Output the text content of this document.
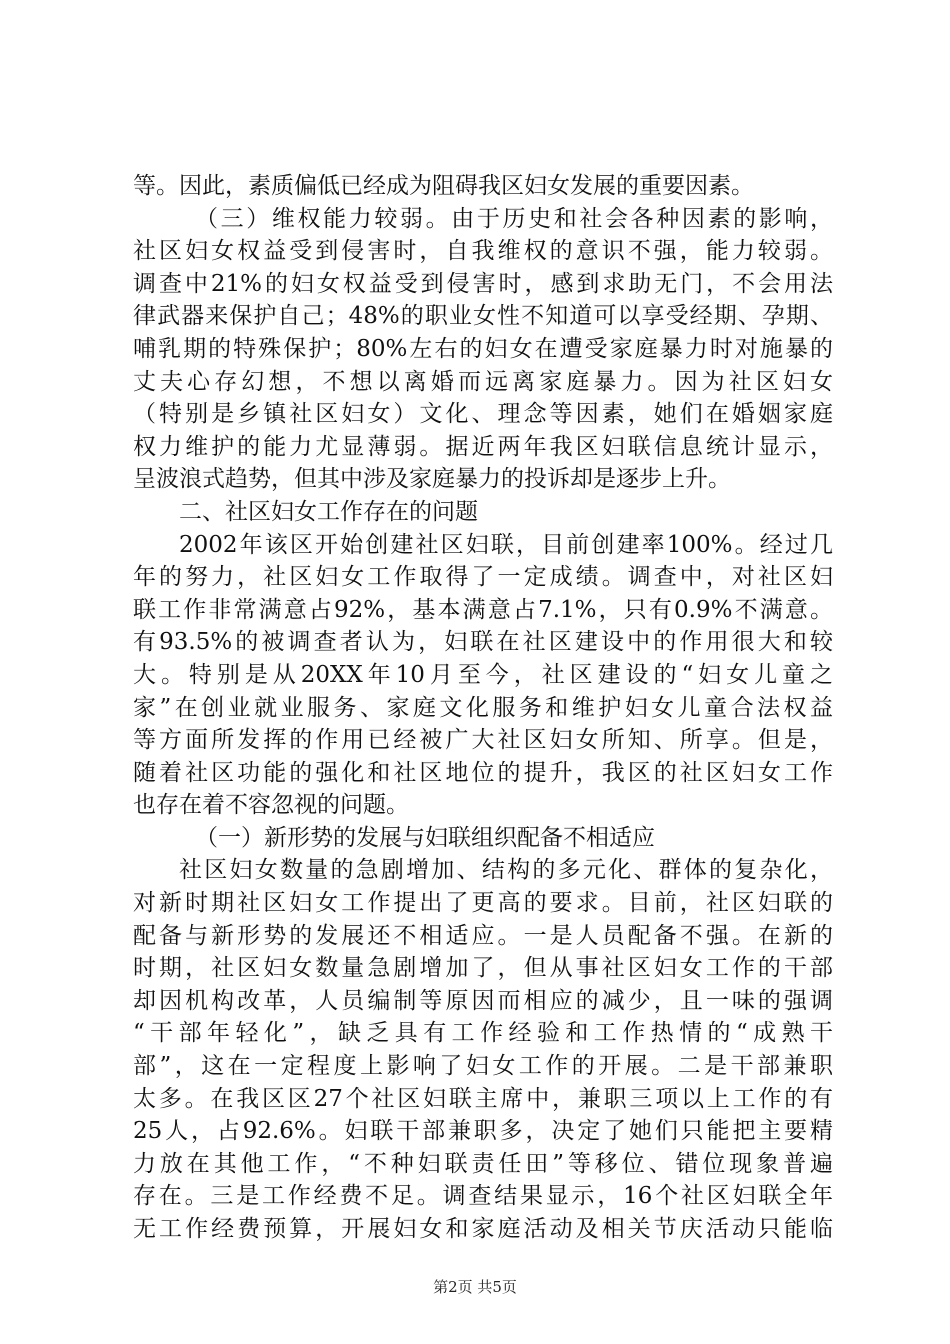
等。因此，素质偏低已经成为阻碍我区妇女发展的重要因素。
（三）维权能力较弱。由于历史和社会各种因素的影响，
社区妇女权益受到侵害时，自我维权的意识不强，能力较弱。
调查中21%的妇女权益受到侵害时，感到求助无门，不会用法
律武器来保护自己；48%的职业女性不知道可以享受经期、孕期、
哺乳期的特殊保护；80%左右的妇女在遭受家庭暴力时对施暴的
丈夫心存幻想，不想以离婚而远离家庭暴力。因为社区妇女
（特别是乡镇社区妇女）文化、理念等因素，她们在婚姻家庭
权力维护的能力尤显薄弱。据近两年我区妇联信息统计显示，
呈波浪式趋势，但其中涉及家庭暴力的投诉却是逐步上升。
二、社区妇女工作存在的问题
2002年该区开始创建社区妇联，目前创建率100%。经过几
年的努力，社区妇女工作取得了一定成绩。调查中，对社区妇
联工作非常满意占92%，基本满意占7.1%，只有0.9%不满意。
有93.5%的被调查者认为，妇联在社区建设中的作用很大和较
大。特别是从20XX年10月至今，社区建设的“妇女儿童之
家”在创业就业服务、家庭文化服务和维护妇女儿童合法权益
等方面所发挥的作用已经被广大社区妇女所知、所享。但是，
随着社区功能的强化和社区地位的提升，我区的社区妇女工作
也存在着不容忽视的问题。
（一）新形势的发展与妇联组织配备不相适应
社区妇女数量的急剧增加、结构的多元化、群体的复杂化，
对新时期社区妇女工作提出了更高的要求。目前，社区妇联的
配备与新形势的发展还不相适应。一是人员配备不强。在新的
时期，社区妇女数量急剧增加了，但从事社区妇女工作的干部
却因机构改革，人员编制等原因而相应的减少，且一味的强调
“干部年轻化”，缺乏具有工作经验和工作热情的“成熟干
部”，这在一定程度上影响了妇女工作的开展。二是干部兼职
太多。在我区区27个社区妇联主席中，兼职三项以上工作的有
25人，占92.6%。妇联干部兼职多，决定了她们只能把主要精
力放在其他工作，“不种妇联责任田”等移位、错位现象普遍
存在。三是工作经费不足。调查结果显示，16个社区妇联全年
无工作经费预算，开展妇女和家庭活动及相关节庆活动只能临
第2页 共5页
